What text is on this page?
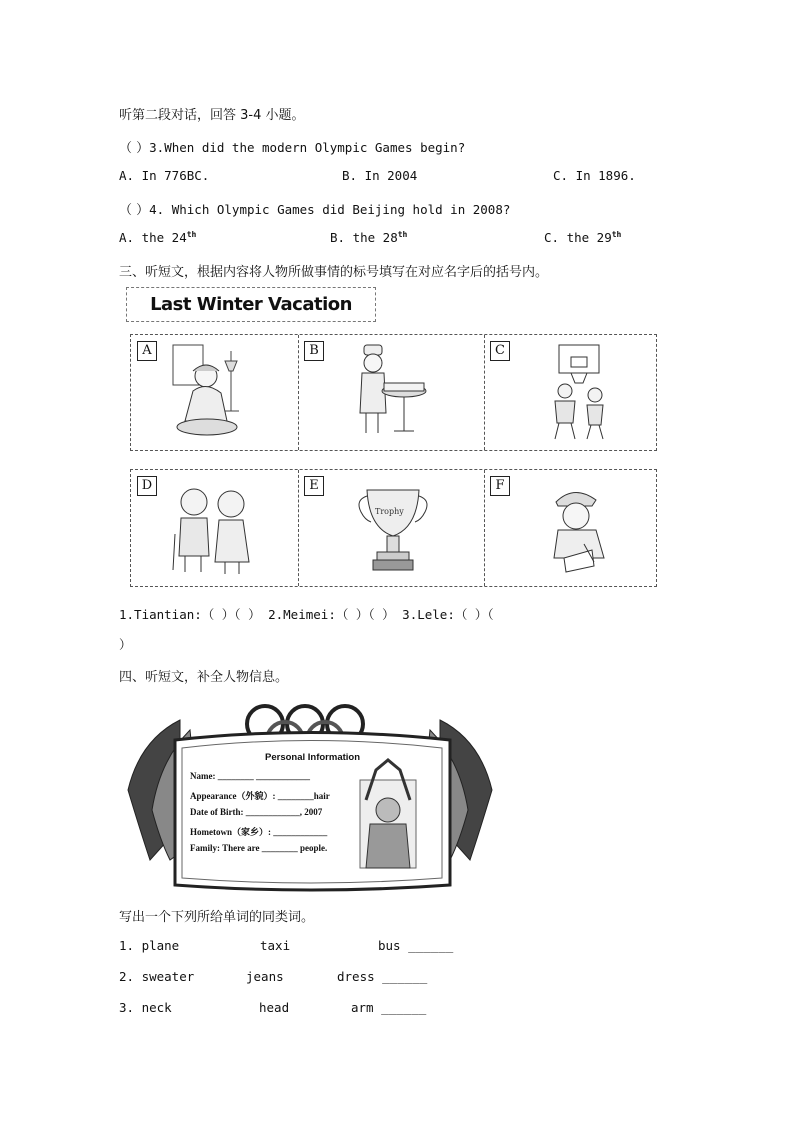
听第二段对话，回答 3-4 小题。
（ ）3.When did the modern Olympic Games begin?
A. In 776BC.	B. In 2004	C. In 1896.
（ ）4. Which Olympic Games did Beijing hold in 2008?
A. the 24th	B. the 28th	C. the 29th
三、听短文，根据内容将人物所做事情的标号填写在对应名字后的括号内。
Last Winter Vacation
A	B	C
D	E
Trophy
F
1.Tiantian:（ ）（ ） 2.Meimei:（ ）（ ） 3.Lele:（ ）（
）
四、听短文，补全人物信息。
Personal Information
Name: ________ ____________
Appearance（外貌）: ________hair
Date of Birth: ____________, 2007
Hometown（家乡）: ____________
Family: There are ________ people.
写出一个下列所给单词的同类词。
1. plane	taxi	bus ______
2. sweater	jeans	dress ______
3. neck	head	arm ______
